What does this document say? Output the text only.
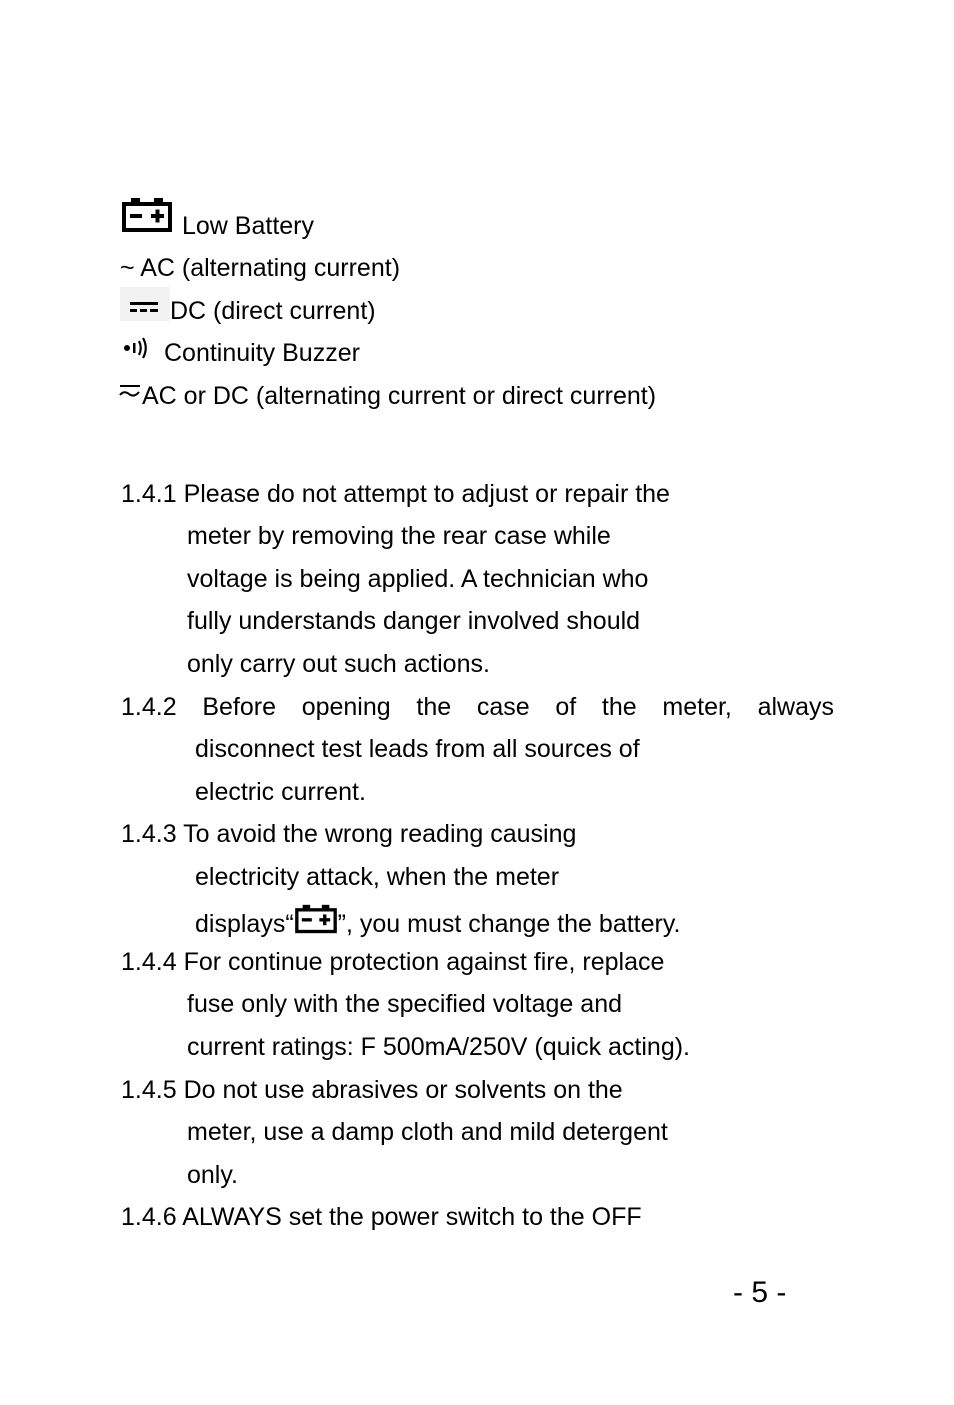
Low Battery
~ AC (alternating current)
DC (direct current)
Continuity Buzzer
AC or DC (alternating current or direct current)
1.4.1 Please do not attempt to adjust or repair the
meter by removing the rear case while
voltage is being applied. A technician who
fully understands danger involved should
only carry out such actions.
1.4.2 Before opening the case of the meter, always
disconnect test leads from all sources of
electric current.
1.4.3 To avoid the wrong reading causing
electricity attack, when the meter
displays“ ”, you must change the battery.
1.4.4 For continue protection against fire, replace
fuse only with the specified voltage and
current ratings: F 500mA/250V (quick acting).
1.4.5 Do not use abrasives or solvents on the
meter, use a damp cloth and mild detergent
only.
1.4.6 ALWAYS set the power switch to the OFF
- 5 -
